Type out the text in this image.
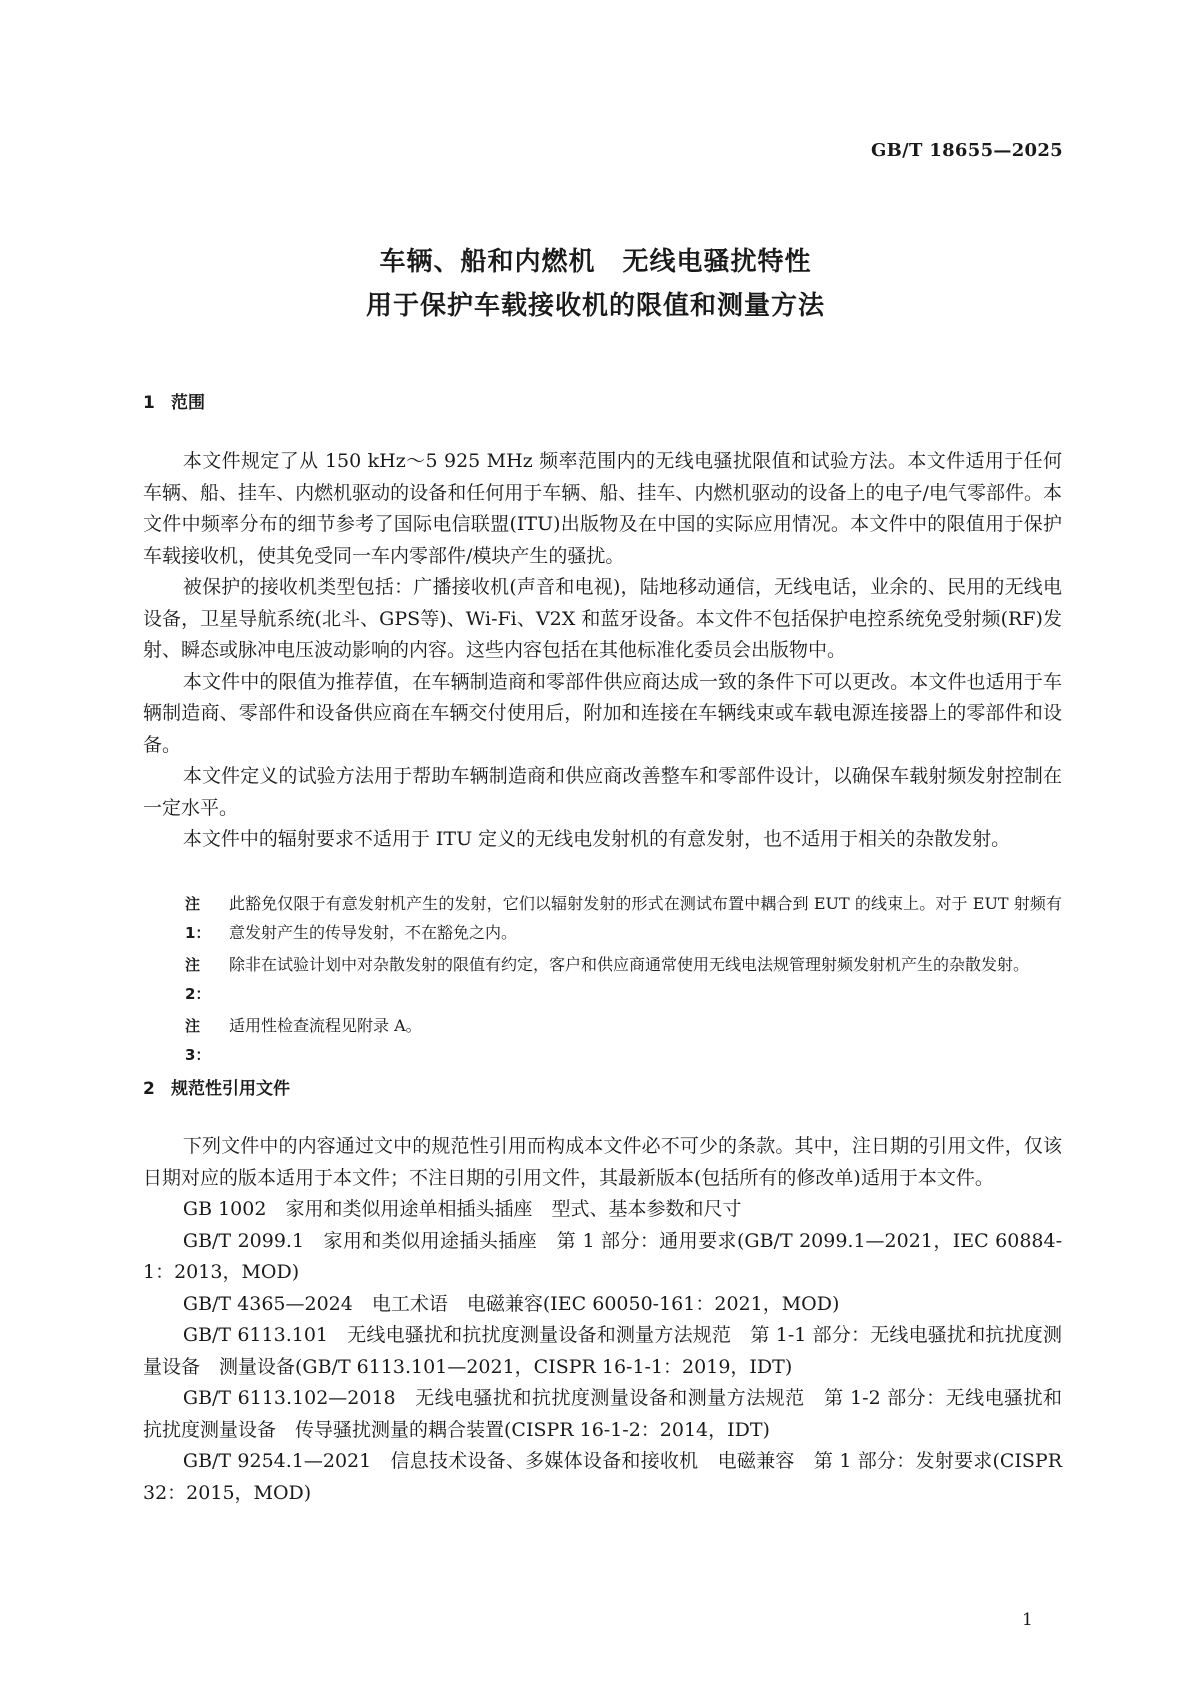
GB/T 18655—2025
车辆、船和内燃机　无线电骚扰特性
用于保护车载接收机的限值和测量方法
1 范围

本文件规定了从 150 kHz～5 925 MHz 频率范围内的无线电骚扰限值和试验方法。本文件适用于任何车辆、船、挂车、内燃机驱动的设备和任何用于车辆、船、挂车、内燃机驱动的设备上的电子/电气零部件。本文件中频率分布的细节参考了国际电信联盟(ITU)出版物及在中国的实际应用情况。本文件中的限值用于保护车载接收机，使其免受同一车内零部件/模块产生的骚扰。

被保护的接收机类型包括：广播接收机(声音和电视)，陆地移动通信，无线电话，业余的、民用的无线电设备，卫星导航系统(北斗、GPS等)、Wi-Fi、V2X 和蓝牙设备。本文件不包括保护电控系统免受射频(RF)发射、瞬态或脉冲电压波动影响的内容。这些内容包括在其他标准化委员会出版物中。

本文件中的限值为推荐值，在车辆制造商和零部件供应商达成一致的条件下可以更改。本文件也适用于车辆制造商、零部件和设备供应商在车辆交付使用后，附加和连接在车辆线束或车载电源连接器上的零部件和设备。

本文件定义的试验方法用于帮助车辆制造商和供应商改善整车和零部件设计，以确保车载射频发射控制在一定水平。

本文件中的辐射要求不适用于 ITU 定义的无线电发射机的有意发射，也不适用于相关的杂散发射。

注 1：
此豁免仅限于有意发射机产生的发射，它们以辐射发射的形式在测试布置中耦合到 EUT 的线束上。对于 EUT 射频有意发射产生的传导发射，不在豁免之内。
注 2：
除非在试验计划中对杂散发射的限值有约定，客户和供应商通常使用无线电法规管理射频发射机产生的杂散发射。
注 3：
适用性检查流程见附录 A。
2 规范性引用文件

下列文件中的内容通过文中的规范性引用而构成本文件必不可少的条款。其中，注日期的引用文件，仅该日期对应的版本适用于本文件；不注日期的引用文件，其最新版本(包括所有的修改单)适用于本文件。

GB 1002 家用和类似用途单相插头插座　型式、基本参数和尺寸

GB/T 2099.1 家用和类似用途插头插座　第 1 部分：通用要求(GB/T 2099.1—2021，IEC 60884-1：2013，MOD)

GB/T 4365—2024 电工术语　电磁兼容(IEC 60050-161：2021，MOD)

GB/T 6113.101 无线电骚扰和抗扰度测量设备和测量方法规范　第 1-1 部分：无线电骚扰和抗扰度测量设备　测量设备(GB/T 6113.101—2021，CISPR 16-1-1：2019，IDT)

GB/T 6113.102—2018 无线电骚扰和抗扰度测量设备和测量方法规范　第 1-2 部分：无线电骚扰和抗扰度测量设备　传导骚扰测量的耦合装置(CISPR 16-1-2：2014，IDT)

GB/T 9254.1—2021 信息技术设备、多媒体设备和接收机　电磁兼容　第 1 部分：发射要求(CISPR 32：2015，MOD)

1
